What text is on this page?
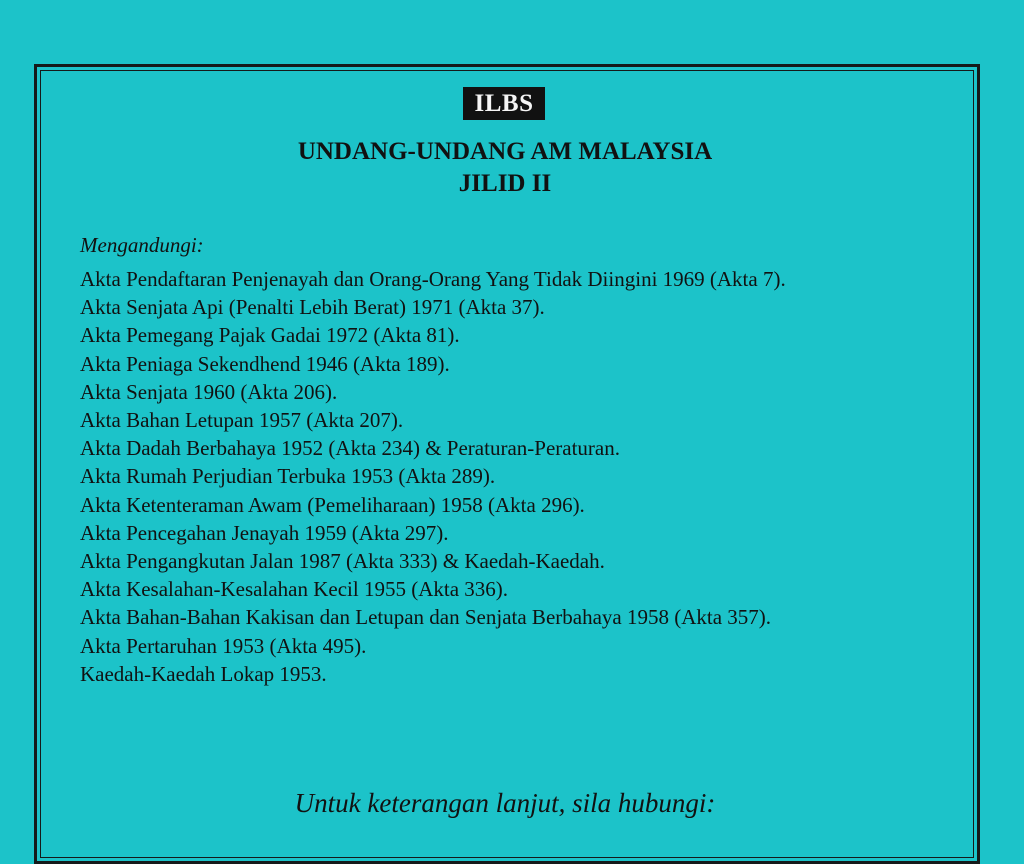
ILBS
UNDANG-UNDANG AM MALAYSIA
JILID II
Mengandungi:
Akta Pendaftaran Penjenayah dan Orang-Orang Yang Tidak Diingini 1969 (Akta 7).
Akta Senjata Api (Penalti Lebih Berat) 1971 (Akta 37).
Akta Pemegang Pajak Gadai 1972 (Akta 81).
Akta Peniaga Sekendhend 1946 (Akta 189).
Akta Senjata 1960 (Akta 206).
Akta Bahan Letupan 1957 (Akta 207).
Akta Dadah Berbahaya 1952 (Akta 234) & Peraturan-Peraturan.
Akta Rumah Perjudian Terbuka 1953 (Akta 289).
Akta Ketenteraman Awam (Pemeliharaan) 1958 (Akta 296).
Akta Pencegahan Jenayah 1959 (Akta 297).
Akta Pengangkutan Jalan 1987 (Akta 333) & Kaedah-Kaedah.
Akta Kesalahan-Kesalahan Kecil 1955 (Akta 336).
Akta Bahan-Bahan Kakisan dan Letupan dan Senjata Berbahaya 1958 (Akta 357).
Akta Pertaruhan 1953 (Akta 495).
Kaedah-Kaedah Lokap 1953.
Untuk keterangan lanjut, sila hubungi:
